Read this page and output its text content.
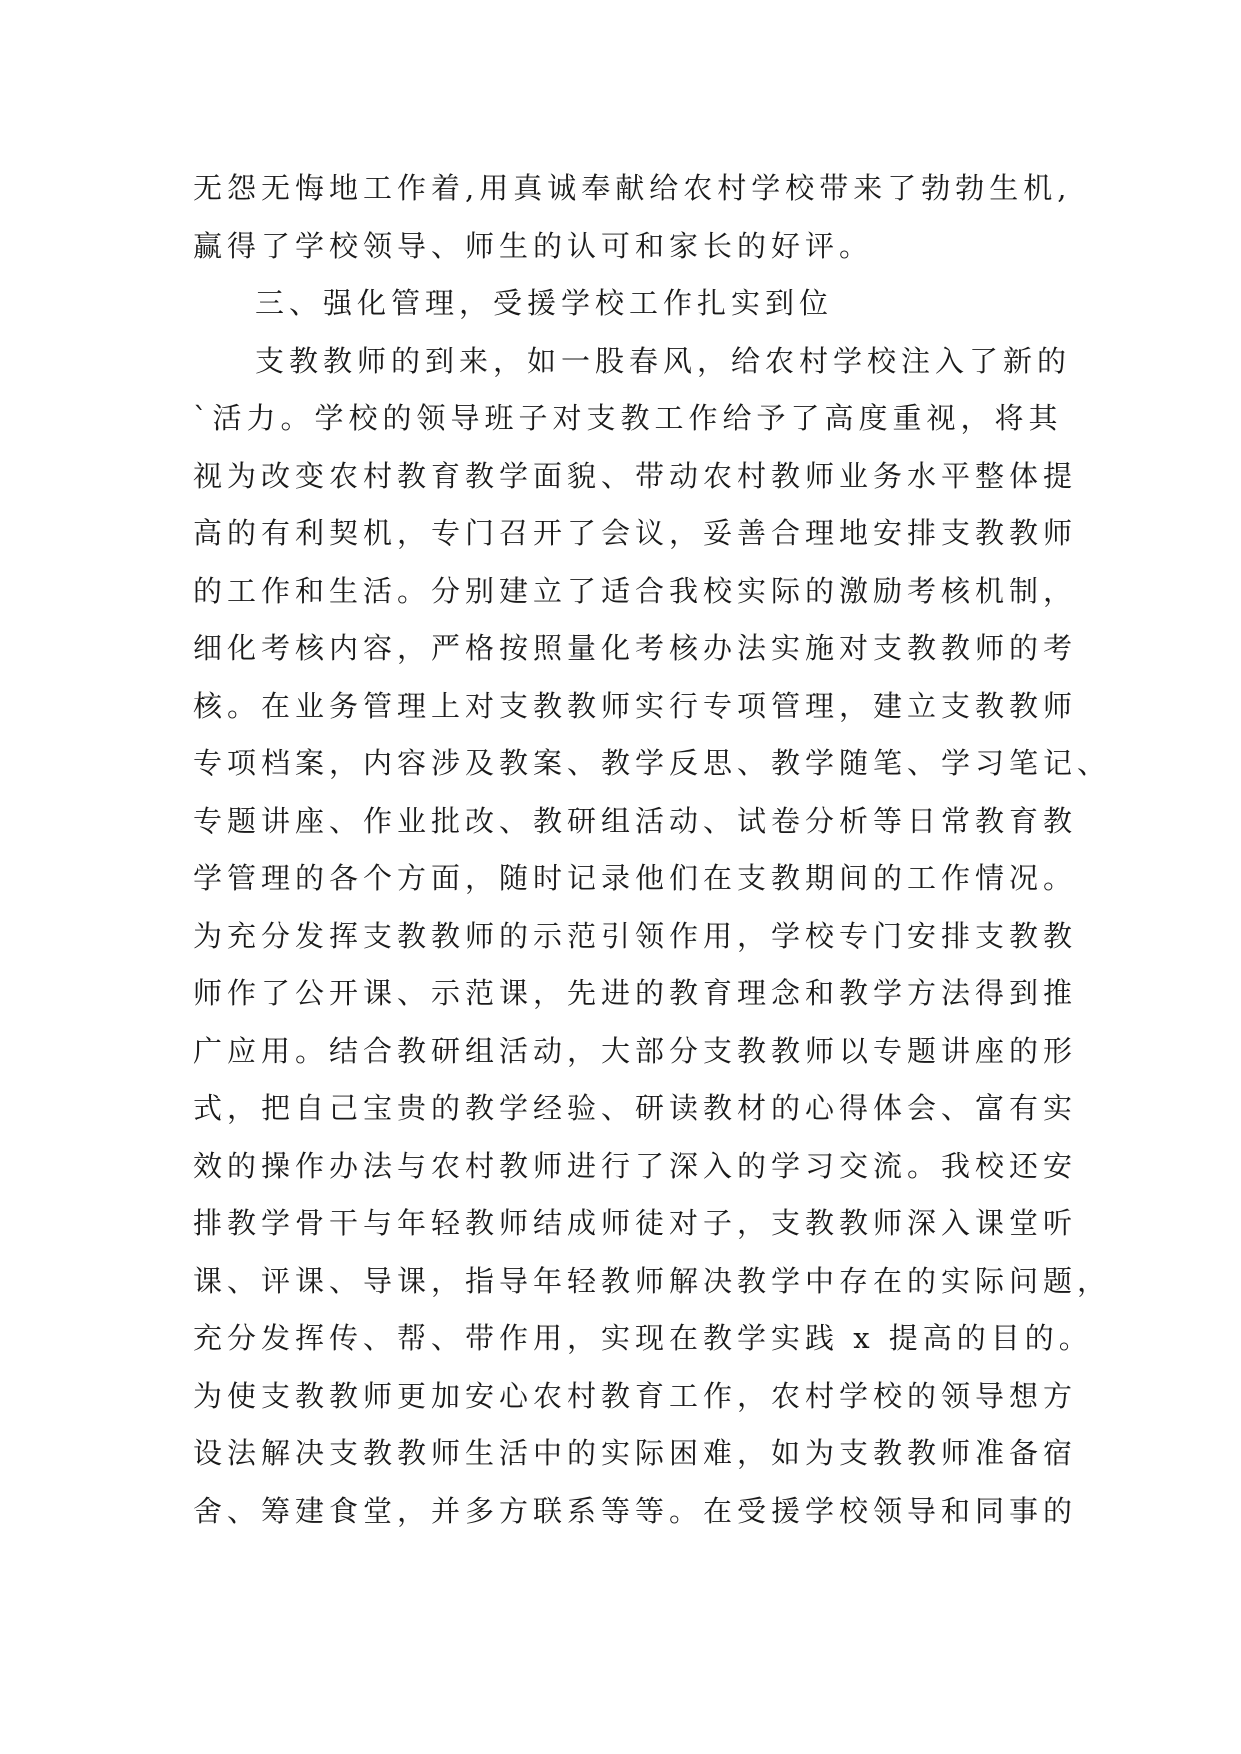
无怨无悔地工作着,用真诚奉献给农村学校带来了勃勃生机,
赢得了学校领导、师生的认可和家长的好评。
三、强化管理，受援学校工作扎实到位
支教教师的到来，如一股春风，给农村学校注入了新的
`活力。学校的领导班子对支教工作给予了高度重视，将其
视为改变农村教育教学面貌、带动农村教师业务水平整体提
高的有利契机，专门召开了会议，妥善合理地安排支教教师
的工作和生活。分别建立了适合我校实际的激励考核机制，
细化考核内容，严格按照量化考核办法实施对支教教师的考
核。在业务管理上对支教教师实行专项管理，建立支教教师
专项档案，内容涉及教案、教学反思、教学随笔、学习笔记、
专题讲座、作业批改、教研组活动、试卷分析等日常教育教
学管理的各个方面，随时记录他们在支教期间的工作情况。
为充分发挥支教教师的示范引领作用，学校专门安排支教教
师作了公开课、示范课，先进的教育理念和教学方法得到推
广应用。结合教研组活动，大部分支教教师以专题讲座的形
式，把自己宝贵的教学经验、研读教材的心得体会、富有实
效的操作办法与农村教师进行了深入的学习交流。我校还安
排教学骨干与年轻教师结成师徒对子，支教教师深入课堂听
课、评课、导课，指导年轻教师解决教学中存在的实际问题，
充分发挥传、帮、带作用，实现在教学实践 x 提高的目的。
为使支教教师更加安心农村教育工作，农村学校的领导想方
设法解决支教教师生活中的实际困难，如为支教教师准备宿
舍、筹建食堂，并多方联系等等。在受援学校领导和同事的
